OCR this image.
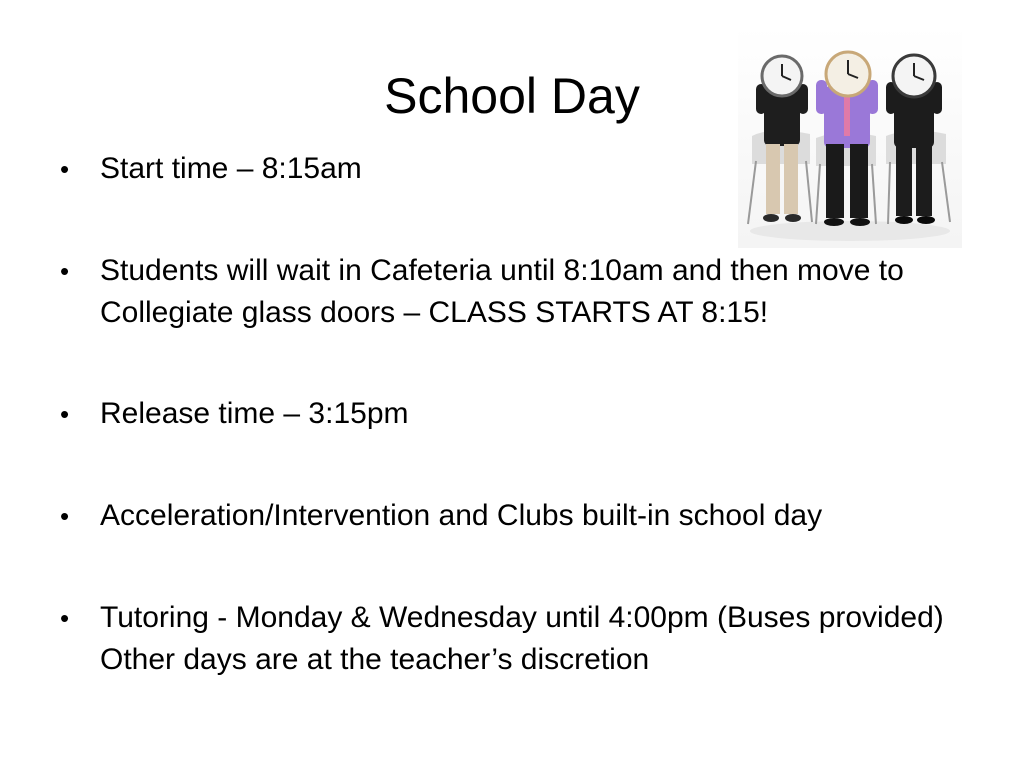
School Day
• Start time – 8:15am
• Students will wait in Cafeteria until 8:10am and then move to Collegiate glass doors – CLASS STARTS AT 8:15!
• Release time – 3:15pm
• Acceleration/Intervention and Clubs built-in school day
• Tutoring - Monday & Wednesday until 4:00pm (Buses provided) Other days are at the teacher’s discretion
